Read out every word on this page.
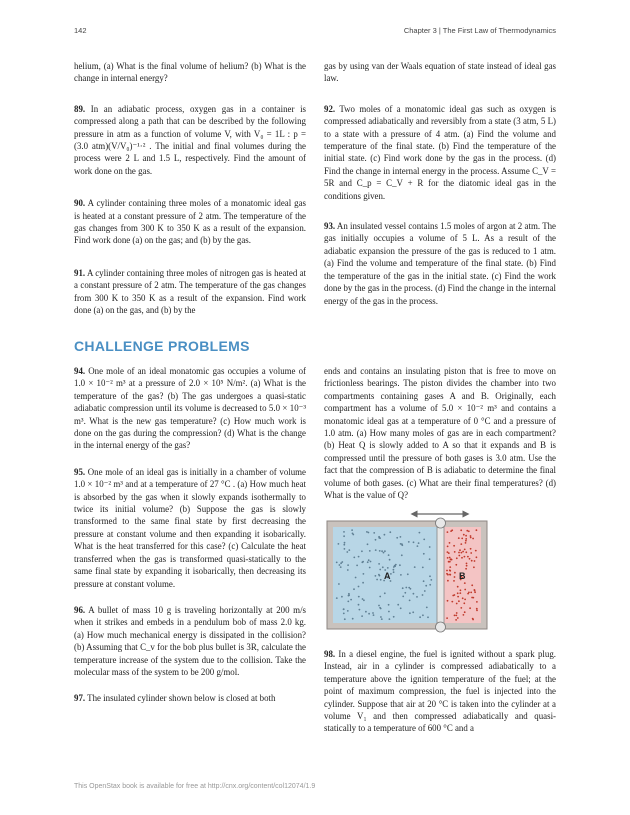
142	Chapter 3 | The First Law of Thermodynamics

helium, (a) What is the final volume of helium? (b) What is the change in internal energy?

89. In an adiabatic process, oxygen gas in a container is compressed along a path that can be described by the following pressure in atm as a function of volume V, with V₀ = 1L : p = (3.0 atm)(V/V₀)⁻¹·² . The initial and final volumes during the process were 2 L and 1.5 L, respectively. Find the amount of work done on the gas.

90. A cylinder containing three moles of a monatomic ideal gas is heated at a constant pressure of 2 atm. The temperature of the gas changes from 300 K to 350 K as a result of the expansion. Find work done (a) on the gas; and (b) by the gas.

91. A cylinder containing three moles of nitrogen gas is heated at a constant pressure of 2 atm. The temperature of the gas changes from 300 K to 350 K as a result of the expansion. Find work done (a) on the gas, and (b) by the

gas by using van der Waals equation of state instead of ideal gas law.

92. Two moles of a monatomic ideal gas such as oxygen is compressed adiabatically and reversibly from a state (3 atm, 5 L) to a state with a pressure of 4 atm. (a) Find the volume and temperature of the final state. (b) Find the temperature of the initial state. (c) Find work done by the gas in the process. (d) Find the change in internal energy in the process. Assume C_V = 5R and C_p = C_V + R for the diatomic ideal gas in the conditions given.

93. An insulated vessel contains 1.5 moles of argon at 2 atm. The gas initially occupies a volume of 5 L. As a result of the adiabatic expansion the pressure of the gas is reduced to 1 atm. (a) Find the volume and temperature of the final state. (b) Find the temperature of the gas in the initial state. (c) Find the work done by the gas in the process. (d) Find the change in the internal energy of the gas in the process.

CHALLENGE PROBLEMS

94. One mole of an ideal monatomic gas occupies a volume of 1.0 × 10⁻² m³ at a pressure of 2.0 × 10⁵ N/m². (a) What is the temperature of the gas? (b) The gas undergoes a quasi-static adiabatic compression until its volume is decreased to 5.0 × 10⁻³ m³. What is the new gas temperature? (c) How much work is done on the gas during the compression? (d) What is the change in the internal energy of the gas?

95. One mole of an ideal gas is initially in a chamber of volume 1.0 × 10⁻² m³ and at a temperature of 27 °C . (a) How much heat is absorbed by the gas when it slowly expands isothermally to twice its initial volume? (b) Suppose the gas is slowly transformed to the same final state by first decreasing the pressure at constant volume and then expanding it isobarically. What is the heat transferred for this case? (c) Calculate the heat transferred when the gas is transformed quasi-statically to the same final state by expanding it isobarically, then decreasing its pressure at constant volume.

96. A bullet of mass 10 g is traveling horizontally at 200 m/s when it strikes and embeds in a pendulum bob of mass 2.0 kg. (a) How much mechanical energy is dissipated in the collision? (b) Assuming that C_v for the bob plus bullet is 3R, calculate the temperature increase of the system due to the collision. Take the molecular mass of the system to be 200 g/mol.

97. The insulated cylinder shown below is closed at both

ends and contains an insulating piston that is free to move on frictionless bearings. The piston divides the chamber into two compartments containing gases A and B. Originally, each compartment has a volume of 5.0 × 10⁻² m³ and contains a monatomic ideal gas at a temperature of 0 °C and a pressure of 1.0 atm. (a) How many moles of gas are in each compartment? (b) Heat Q is slowly added to A so that it expands and B is compressed until the pressure of both gases is 3.0 atm. Use the fact that the compression of B is adiabatic to determine the final volume of both gases. (c) What are their final temperatures? (d) What is the value of Q?

A	B

98. In a diesel engine, the fuel is ignited without a spark plug. Instead, air in a cylinder is compressed adiabatically to a temperature above the ignition temperature of the fuel; at the point of maximum compression, the fuel is injected into the cylinder. Suppose that air at 20 °C is taken into the cylinder at a volume V₁ and then compressed adiabatically and quasi-statically to a temperature of 600 °C and a

This OpenStax book is available for free at http://cnx.org/content/col12074/1.9
